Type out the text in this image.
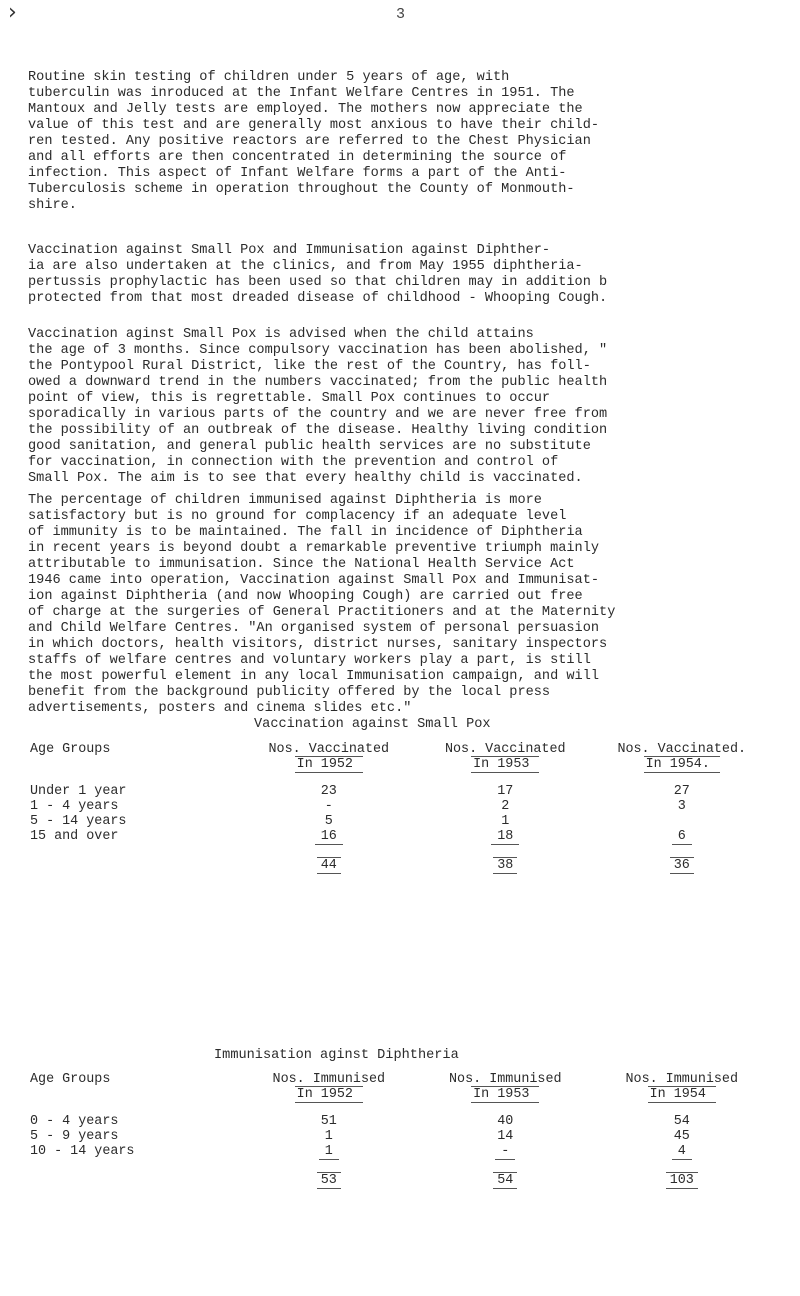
›	3

Routine skin testing of children under 5 years of age, with
tuberculin was inroduced at the Infant Welfare Centres in 1951. The
Mantoux and Jelly tests are employed. The mothers now appreciate the
value of this test and are generally most anxious to have their child-
ren tested. Any positive reactors are referred to the Chest Physician
and all efforts are then concentrated in determining the source of
infection. This aspect of Infant Welfare forms a part of the Anti-
Tuberculosis scheme in operation throughout the County of Monmouth-
shire.

Vaccination against Small Pox and Immunisation against Diphther-
ia are also undertaken at the clinics, and from May 1955 diphtheria-
pertussis prophylactic has been used so that children may in addition b
protected from that most dreaded disease of childhood - Whooping Cough.

Vaccination aginst Small Pox is advised when the child attains
the age of 3 months. Since compulsory vaccination has been abolished, "
the Pontypool Rural District, like the rest of the Country, has foll-
owed a downward trend in the numbers vaccinated; from the public health
point of view, this is regrettable. Small Pox continues to occur
sporadically in various parts of the country and we are never free from
the possibility of an outbreak of the disease. Healthy living condition
good sanitation, and general public health services are no substitute
for vaccination, in connection with the prevention and control of
Small Pox. The aim is to see that every healthy child is vaccinated.

The percentage of children immunised against Diphtheria is more
satisfactory but is no ground for complacency if an adequate level
of immunity is to be maintained. The fall in incidence of Diphtheria
in recent years is beyond doubt a remarkable preventive triumph mainly
attributable to immunisation. Since the National Health Service Act
1946 came into operation, Vaccination against Small Pox and Immunisat-
ion against Diphtheria (and now Whooping Cough) are carried out free
of charge at the surgeries of General Practitioners and at the Maternity
and Child Welfare Centres. "An organised system of personal persuasion
in which doctors, health visitors, district nurses, sanitary inspectors
staffs of welfare centres and voluntary workers play a part, is still
the most powerful element in any local Immunisation campaign, and will
benefit from the background publicity offered by the local press
advertisements, posters and cinema slides etc."

Vaccination against Small Pox
Age Groups	Nos. Vaccinated	Nos. Vaccinated	Nos. Vaccinated.
	In 1952	In 1953	In 1954.

Under 1 year	23	17	27
1 - 4 years	-	2	3
5 - 14 years	5	1	
15 and over	16	18	6

	44	38	36
Immunisation aginst Diphtheria
Age Groups	Nos. Immunised	Nos. Immunised	Nos. Immunised
	In 1952	In 1953	In 1954

0 - 4 years	51	40	54
5 - 9 years	1	14	45
10 - 14 years	1	-	4

	53	54	103
